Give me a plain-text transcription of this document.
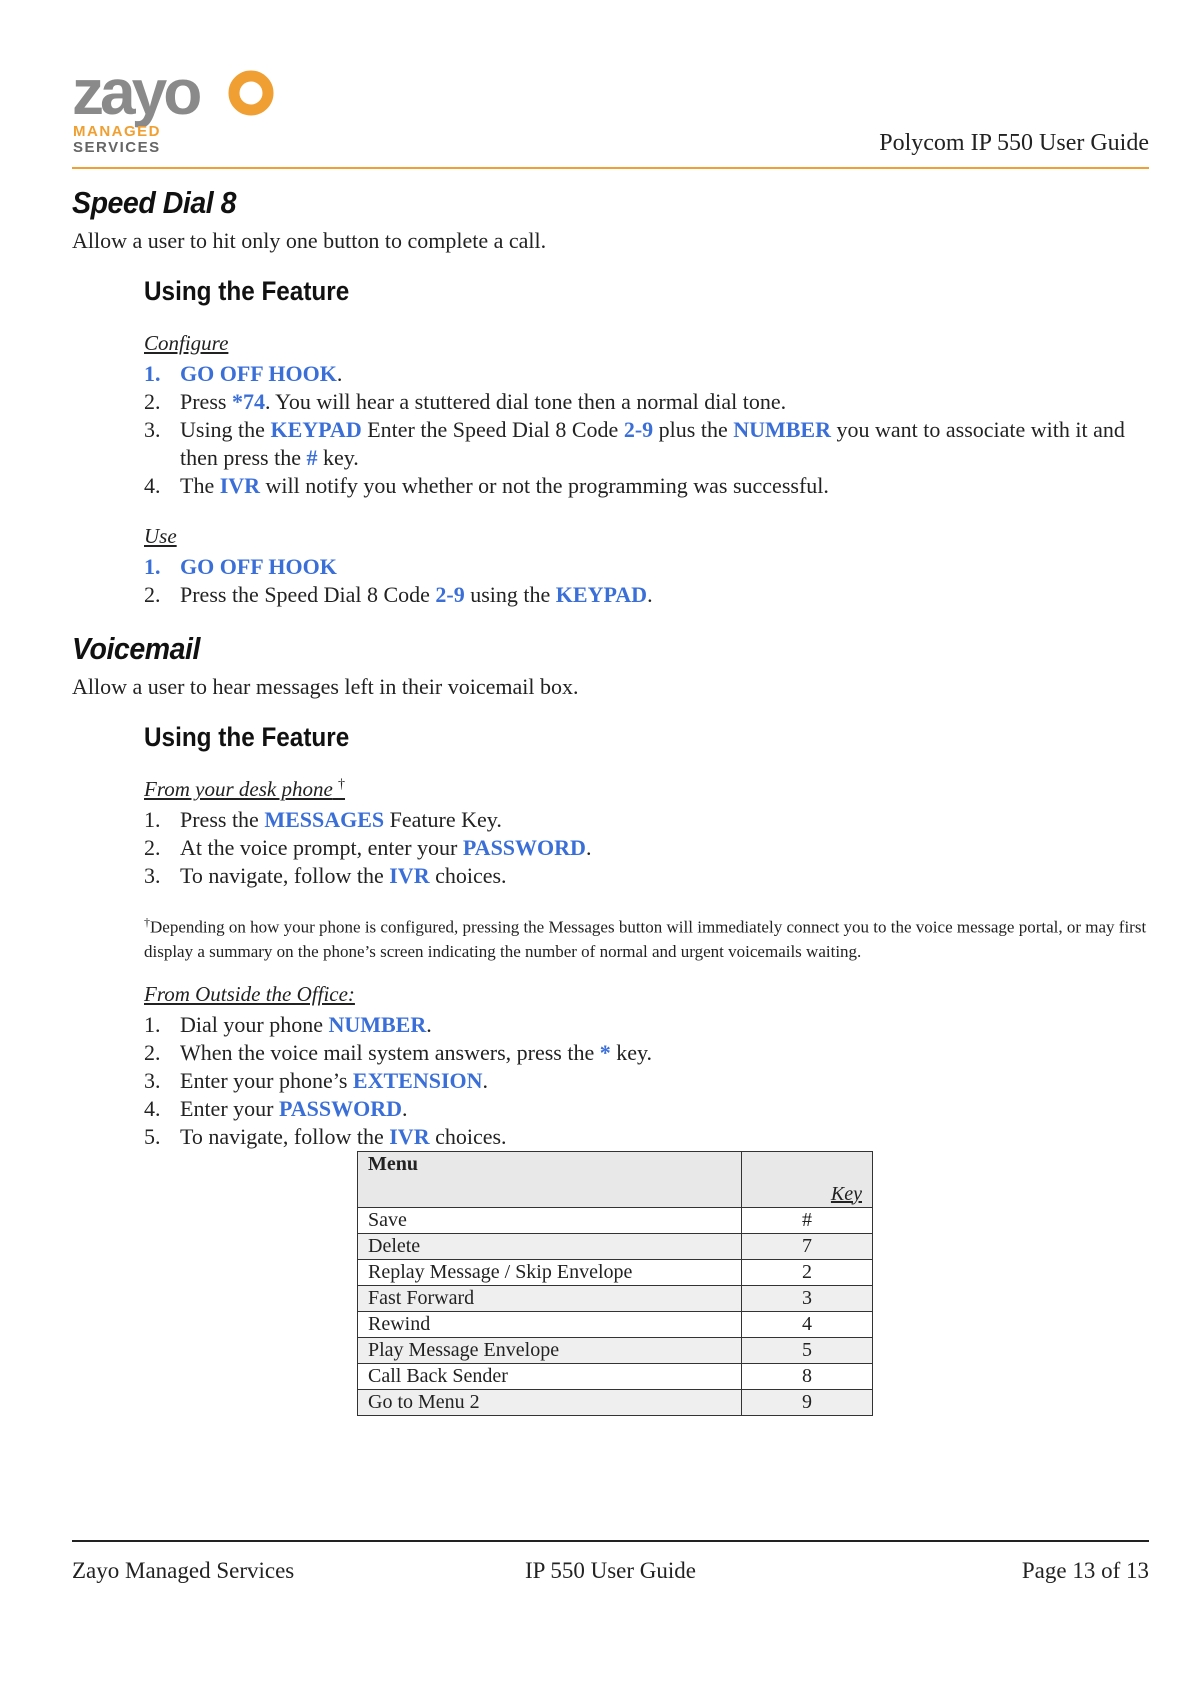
zayo
MANAGED
SERVICES	Polycom IP 550 User Guide
Speed Dial 8

Allow a user to hit only one button to complete a call.

Using the Feature
Configure
1. GO OFF HOOK.
2. Press *74. You will hear a stuttered dial tone then a normal dial tone.
3. Using the KEYPAD Enter the Speed Dial 8 Code 2-9 plus the NUMBER you want to associate with it and then press the # key.
4. The IVR will notify you whether or not the programming was successful.
Use
1. GO OFF HOOK
2. Press the Speed Dial 8 Code 2-9 using the KEYPAD.
Voicemail

Allow a user to hear messages left in their voicemail box.

Using the Feature
From your desk phone †
1. Press the MESSAGES Feature Key.
2. At the voice prompt, enter your PASSWORD.
3. To navigate, follow the IVR choices.

†Depending on how your phone is configured, pressing the Messages button will immediately connect you to the voice message portal, or may first display a summary on the phone’s screen indicating the number of normal and urgent voicemails waiting.

From Outside the Office:
1. Dial your phone NUMBER.
2. When the voice mail system answers, press the * key.
3. Enter your phone’s EXTENSION.
4. Enter your PASSWORD.
5. To navigate, follow the IVR choices.
Menu	Key
Save	#
Delete	7
Replay Message / Skip Envelope	2
Fast Forward	3
Rewind	4
Play Message Envelope	5
Call Back Sender	8
Go to Menu 2	9
Zayo Managed Services	IP 550 User Guide	Page 13 of 13
